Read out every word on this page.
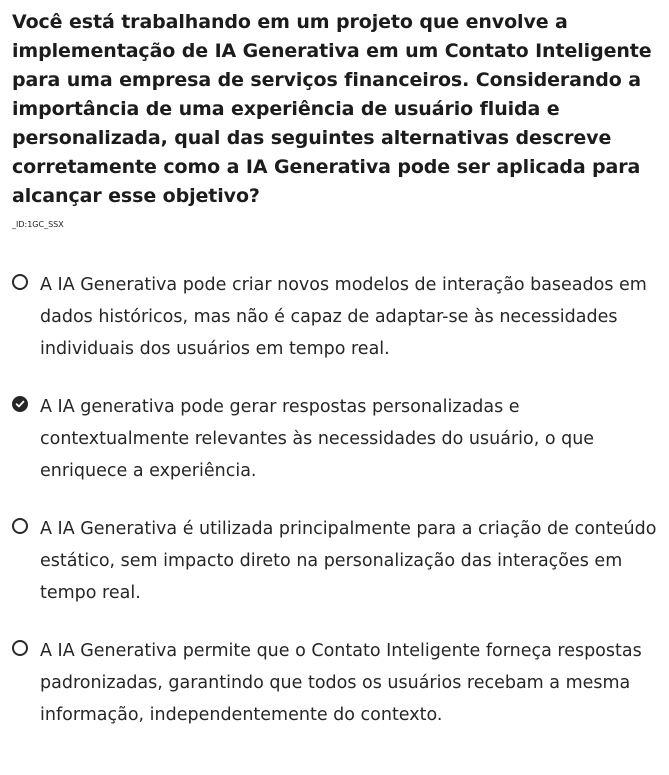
Você está trabalhando em um projeto que envolve a implementação de IA Generativa em um Contato Inteligente para uma empresa de serviços financeiros. Considerando a importância de uma experiência de usuário fluida e personalizada, qual das seguintes alternativas descreve corretamente como a IA Generativa pode ser aplicada para alcançar esse objetivo?

_ID:1GC_SSX
A IA Generativa pode criar novos modelos de interação baseados em dados históricos, mas não é capaz de adaptar-se às necessidades individuais dos usuários em tempo real.
A IA generativa pode gerar respostas personalizadas e contextualmente relevantes às necessidades do usuário, o que enriquece a experiência.
A IA Generativa é utilizada principalmente para a criação de conteúdo estático, sem impacto direto na personalização das interações em tempo real.
A IA Generativa permite que o Contato Inteligente forneça respostas padronizadas, garantindo que todos os usuários recebam a mesma informação, independentemente do contexto.
